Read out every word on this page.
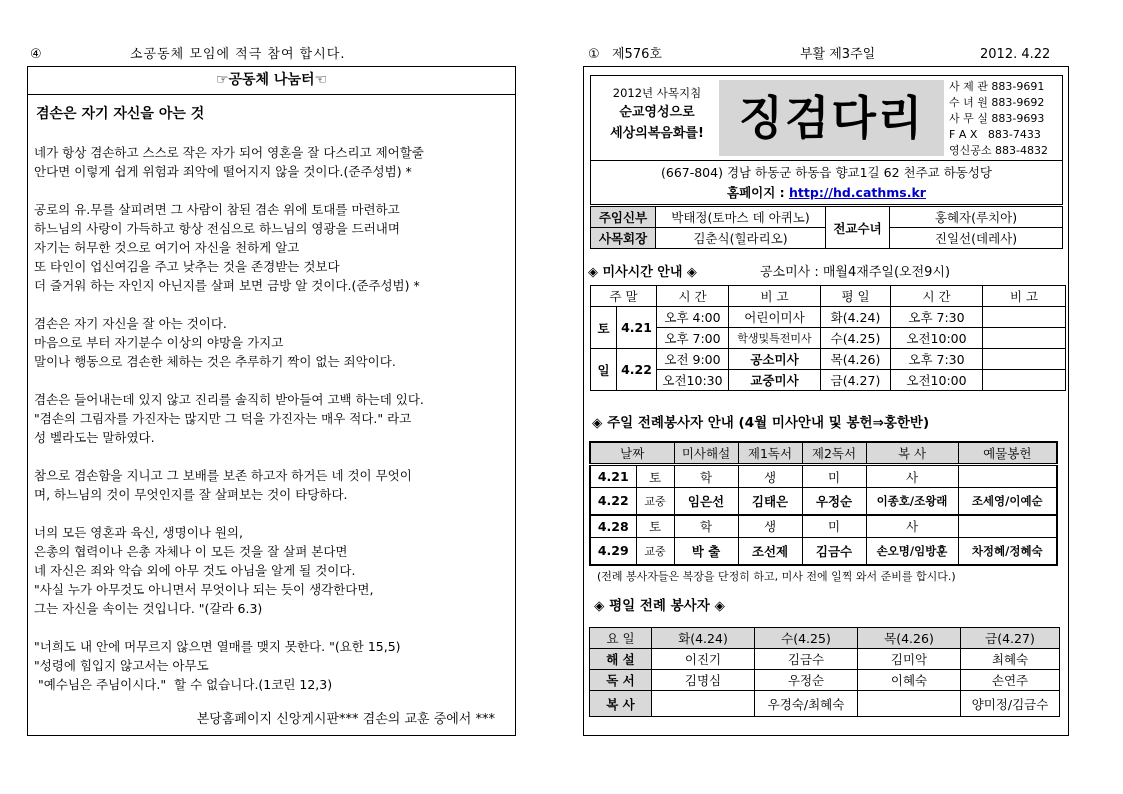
④	소공동체 모임에 적극 참여 합시다.
☞공동체 나눔터☜
겸손은 자기 자신을 아는 것
네가 항상 겸손하고 스스로 작은 자가 되어 영혼을 잘 다스리고 제어할줄
안다면 이렇게 쉽게 위험과 죄악에 떨어지지 않을 것이다.(준주성범) *
공로의 유.무를 살피려면 그 사람이 참된 겸손 위에 토대를 마련하고
하느님의 사랑이 가득하고 항상 전심으로 하느님의 영광을 드러내며
자기는 허무한 것으로 여기어 자신을 천하게 알고
또 타인이 업신여김을 주고 낮추는 것을 존경받는 것보다
더 즐거워 하는 자인지 아닌지를 살펴 보면 금방 알 것이다.(준주성범) *
겸손은 자기 자신을 잘 아는 것이다.
마음으로 부터 자기분수 이상의 야망을 가지고
말이나 행동으로 겸손한 체하는 것은 추루하기 짝이 없는 죄악이다.
겸손은 들어내는데 있지 않고 진리를 솔직히 받아들여 고백 하는데 있다.
"겸손의 그림자를 가진자는 많지만 그 덕을 가진자는 매우 적다." 라고
성 벨라도는 말하였다.
참으로 겸손함을 지니고 그 보배를 보존 하고자 하거든 네 것이 무엇이
며, 하느님의 것이 무엇인지를 잘 살펴보는 것이 타당하다.
너의 모든 영혼과 육신, 생명이나 원의,
은총의 협력이나 은총 자체나 이 모든 것을 잘 살펴 본다면
네 자신은 죄와 악습 외에 아무 것도 아님을 알게 될 것이다.
"사실 누가 아무것도 아니면서 무엇이나 되는 듯이 생각한다면,
그는 자신을 속이는 것입니다. "(갈라 6.3)
"너희도 내 안에 머무르지 않으면 열매를 맺지 못한다. "(요한 15,5)
"성령에 힘입지 않고서는 아무도
"예수님은 주님이시다."  할 수 없습니다.(1코린 12,3)
본당홈페이지 신앙게시판*** 겸손의 교훈 중에서 ***
① 제576호	부활 제3주일	2012. 4.22
2012년 사목지침
순교영성으로
세상의복음화를! 징검다리
사 제 관 883-9691
수 녀 원 883-9692
사 무 실 883-9693
F A X   883-7433
영신공소 883-4832
(667-804) 경남 하동군 하동읍 향교1길 62 천주교 하동성당
홈페이지 : http://hd.cathms.kr
주임신부	박태정(토마스 데 아퀴노)	전교수녀	홍혜자(루치아)
사목회장	김춘식(힐라리오)		진일선(데레사)
◈ 미사시간 안내 ◈	공소미사 : 매월4재주일(오전9시)
주 말		시 간	비 고	평 일	시 간	비 고
토	4.21	오후 4:00	어린이미사	화(4.24)	오후 7:30	
		오후 7:00	학생및특전미사	수(4.25)	오전10:00	
일	4.22	오전 9:00	공소미사	목(4.26)	오후 7:30	
		오전10:30	교중미사	금(4.27)	오전10:00	
◈ 주일 전례봉사자 안내 (4월 미사안내 및 봉헌⇒홍한반)
날짜		미사해설	제1독서	제2독서	복 사	예물봉헌
4.21	토	학	생	미	사	
4.22	교중	임은선	김태은	우정순	이종호/조왕래	조세영/이예순
4.28	토	학	생	미	사	
4.29	교중	박 출	조선제	김금수	손오명/임방훈	차정혜/정혜숙
(전례 봉사자들은 복장을 단정히 하고, 미사 전에 일찍 와서 준비를 합시다.)
◈ 평일 전례 봉사자 ◈
요 일	화(4.24)	수(4.25)	목(4.26)	금(4.27)
해 설	이진기	김금수	김미악	최혜숙
독 서	김명심	우정순	이혜숙	손연주
복 사		우경숙/최혜숙		양미정/김금수
